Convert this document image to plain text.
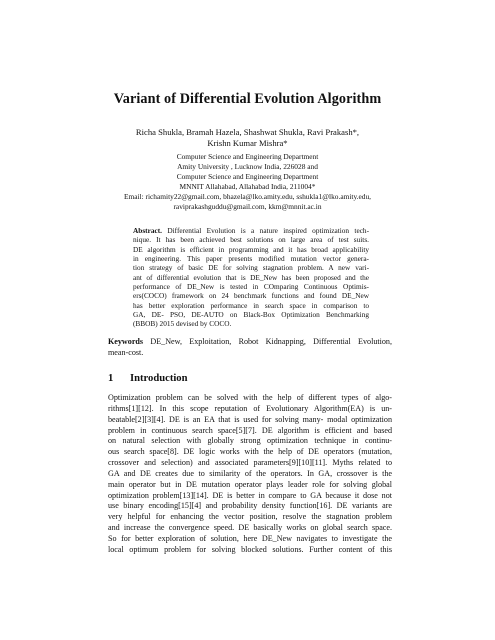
Variant of Differential Evolution Algorithm
Richa Shukla, Bramah Hazela, Shashwat Shukla, Ravi Prakash*,
Krishn Kumar Mishra*
Computer Science and Engineering Department
Amity University , Lucknow India, 226028 and
Computer Science and Engineering Department
MNNIT Allahabad, Allahabad India, 211004*
Email: richamity22@gmail.com, bhazela@lko.amity.edu, sshukla1@lko.amity.edu,
raviprakashguddu@gmail.com, kkm@mnnit.ac.in
Abstract. Differential Evolution is a nature inspired optimization tech-
nique. It has been achieved best solutions on large area of test suits.
DE algorithm is efficient in programming and it has broad applicability
in engineering. This paper presents modified mutation vector genera-
tion strategy of basic DE for solving stagnation problem. A new vari-
ant of differential evolution that is DE_New has been proposed and the
performance of DE_New is tested in COmparing Continuous Optimis-
ers(COCO) framework on 24 benchmark functions and found DE_New
has better exploration performance in search space in comparison to
GA, DE- PSO, DE-AUTO on Black-Box Optimization Benchmarking
(BBOB) 2015 devised by COCO.
Keywords DE_New, Exploitation, Robot Kidnapping, Differential Evolution,
mean-cost.
1 Introduction
Optimization problem can be solved with the help of different types of algo-
rithms[1][12]. In this scope reputation of Evolutionary Algorithm(EA) is un-
beatable[2][3][4]. DE is an EA that is used for solving many- modal optimization
problem in continuous search space[5][7]. DE algorithm is efficient and based
on natural selection with globally strong optimization technique in continu-
ous search space[8]. DE logic works with the help of DE operators (mutation,
crossover and selection) and associated parameters[9][10][11]. Myths related to
GA and DE creates due to similarity of the operators. In GA, crossover is the
main operator but in DE mutation operator plays leader role for solving global
optimization problem[13][14]. DE is better in compare to GA because it dose not
use binary encoding[15][4] and probability density function[16]. DE variants are
very helpful for enhancing the vector position, resolve the stagnation problem
and increase the convergence speed. DE basically works on global search space.
So for better exploration of solution, here DE_New navigates to investigate the
local optimum problem for solving blocked solutions. Further content of this
